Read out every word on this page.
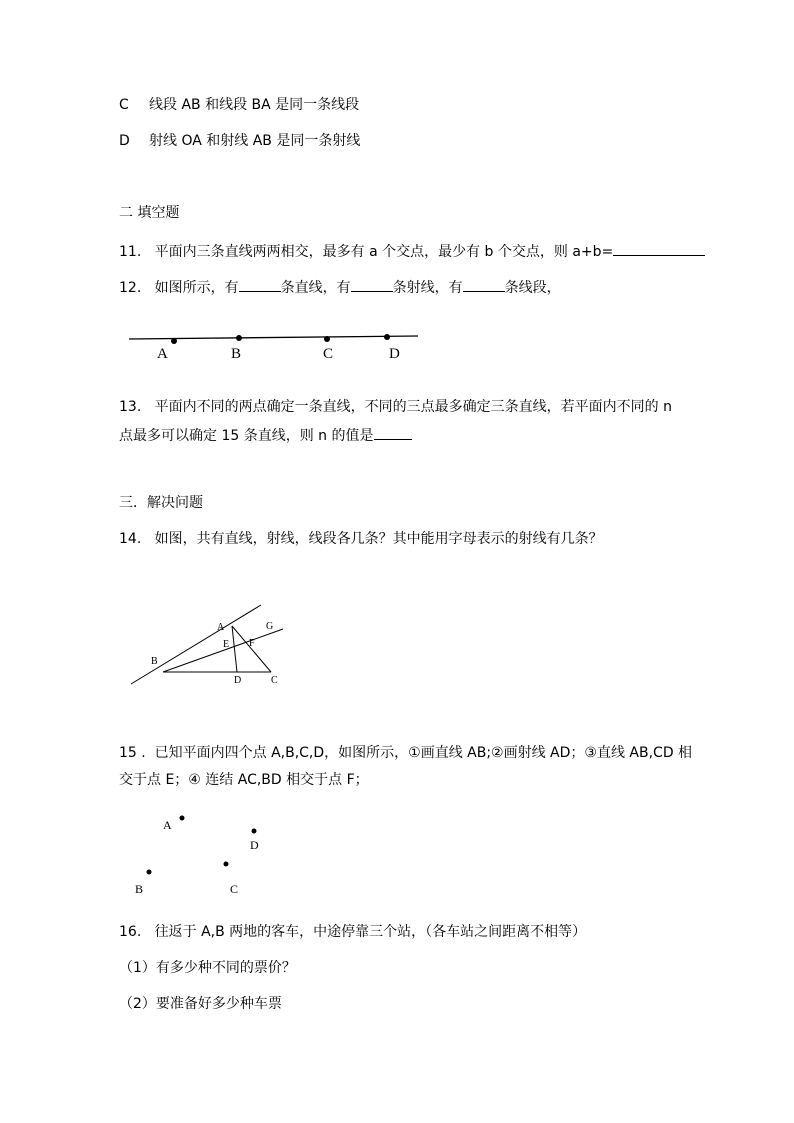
C 线段 AB 和线段 BA 是同一条线段
D 射线 OA 和射线 AB 是同一条射线
二 填空题
11. 平面内三条直线两两相交，最多有 a 个交点，最少有 b 个交点，则 a+b=
12. 如图所示，有	条直线，有	条射线，有	条线段，
A	B	C	D
13. 平面内不同的两点确定一条直线，不同的三点最多确定三条直线，若平面内不同的 n
点最多可以确定 15 条直线，则 n 的值是
三．解决问题
14. 如图，共有直线，射线，线段各几条？其中能用字母表示的射线有几条？
A	G
E F
B
D	C
15 . 已知平面内四个点 A,B,C,D，如图所示，①画直线 AB;②画射线 AD；③直线 AB,CD 相
交于点 E；④ 连结 AC,BD 相交于点 F；
A
D
B	C
16. 往返于 A,B 两地的客车，中途停靠三个站，（各车站之间距离不相等）
（1）有多少种不同的票价？
（2）要准备好多少种车票
